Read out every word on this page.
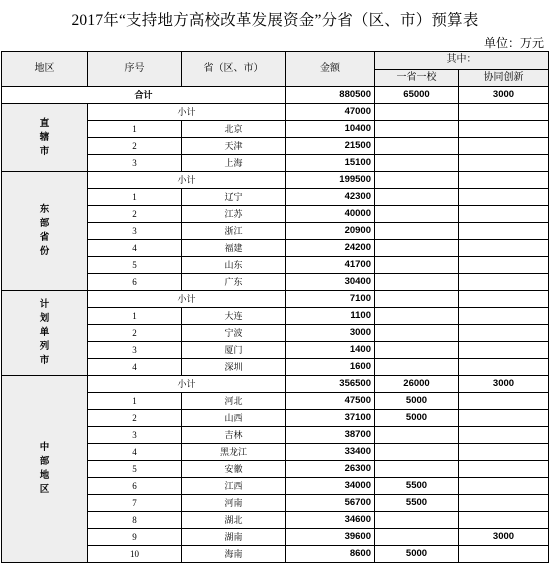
2017年“支持地方高校改革发展资金”分省（区、市）预算表
单位：万元
地区	序号	省（区、市）	金额	其中：	
				一省一校	协同创新
合计			880500	65000	3000

直辖市	小计		47000		
	1	北京	10400		
	2	天津	21500		
	3	上海	15100		

东部省份	小计		199500		
	1	辽宁	42300		
	2	江苏	40000		
	3	浙江	20900		
	4	福建	24200		
	5	山东	41700		
	6	广东	30400		

计划单列市	小计		7100		
	1	大连	1100		
	2	宁波	3000		
	3	厦门	1400		
	4	深圳	1600		

中部地区	小计		356500	26000	3000
	1	河北	47500	5000	
	2	山西	37100	5000	
	3	吉林	38700		
	4	黑龙江	33400		
	5	安徽	26300		
	6	江西	34000	5500	
	7	河南	56700	5500	
	8	湖北	34600		
	9	湖南	39600		3000
	10	海南	8600	5000	
